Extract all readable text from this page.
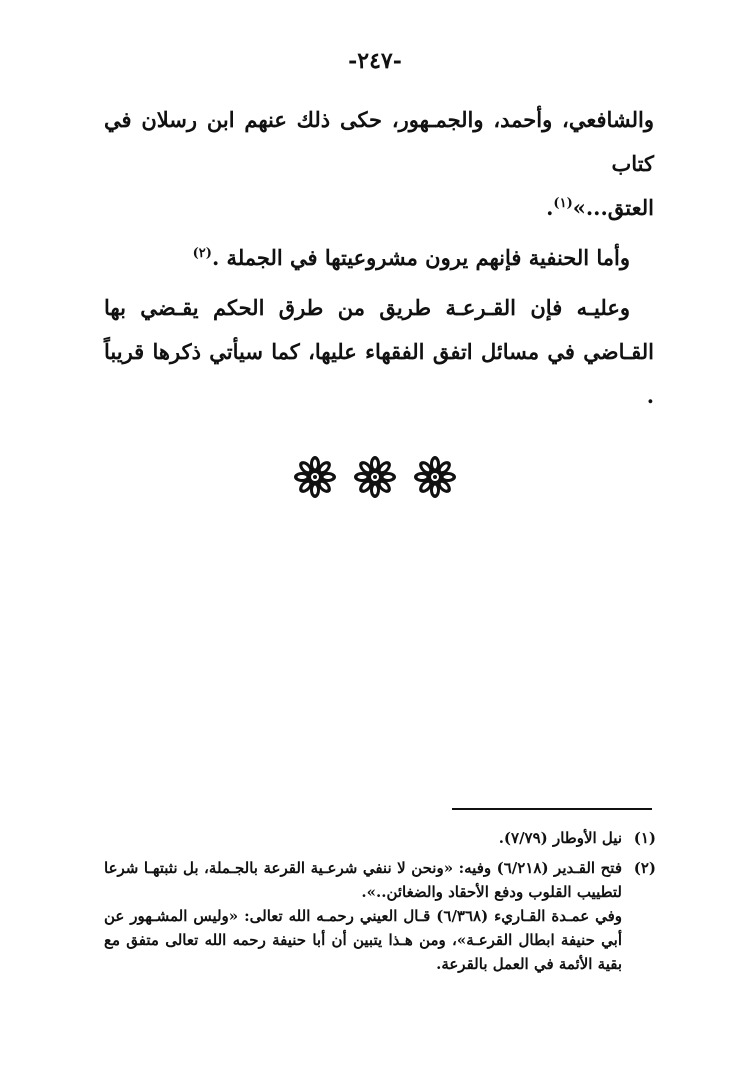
-٢٤٧-

والشافعي، وأحمد، والجمـهور، حكى ذلك عنهم ابن رسلان في كتاب
العتق...»$^{(١)}$.

وأما الحنفية فإنهم يرون مشروعيتها في الجملة .$^{(٢)}$

وعليـه فإن القـرعـة طريق من طرق الحكم يقـضي بها القـاضي في مسائل اتفق الفقهاء عليها، كما سيأتي ذكرها قريباً .

(١)

نيل الأوطار (٧/٧٩).

(٢)

فتح القـدير (٦/٢١٨) وفيه: «ونحن لا ننفي شرعـية القرعة بالجـملة، بل نثبتهـا شرعا لتطييب القلوب ودفع الأحقاد والضغائن..».

وفي عمـدة القـاريء (٦/٣٦٨) قـال العيني رحمـه الله تعالى: «وليس المشـهور عن أبي حنيفة ابطال القرعـة»، ومن هـذا يتبين أن أبا حنيفة رحمه الله تعالى متفق مع بقية الأئمة في العمل بالقرعة.
